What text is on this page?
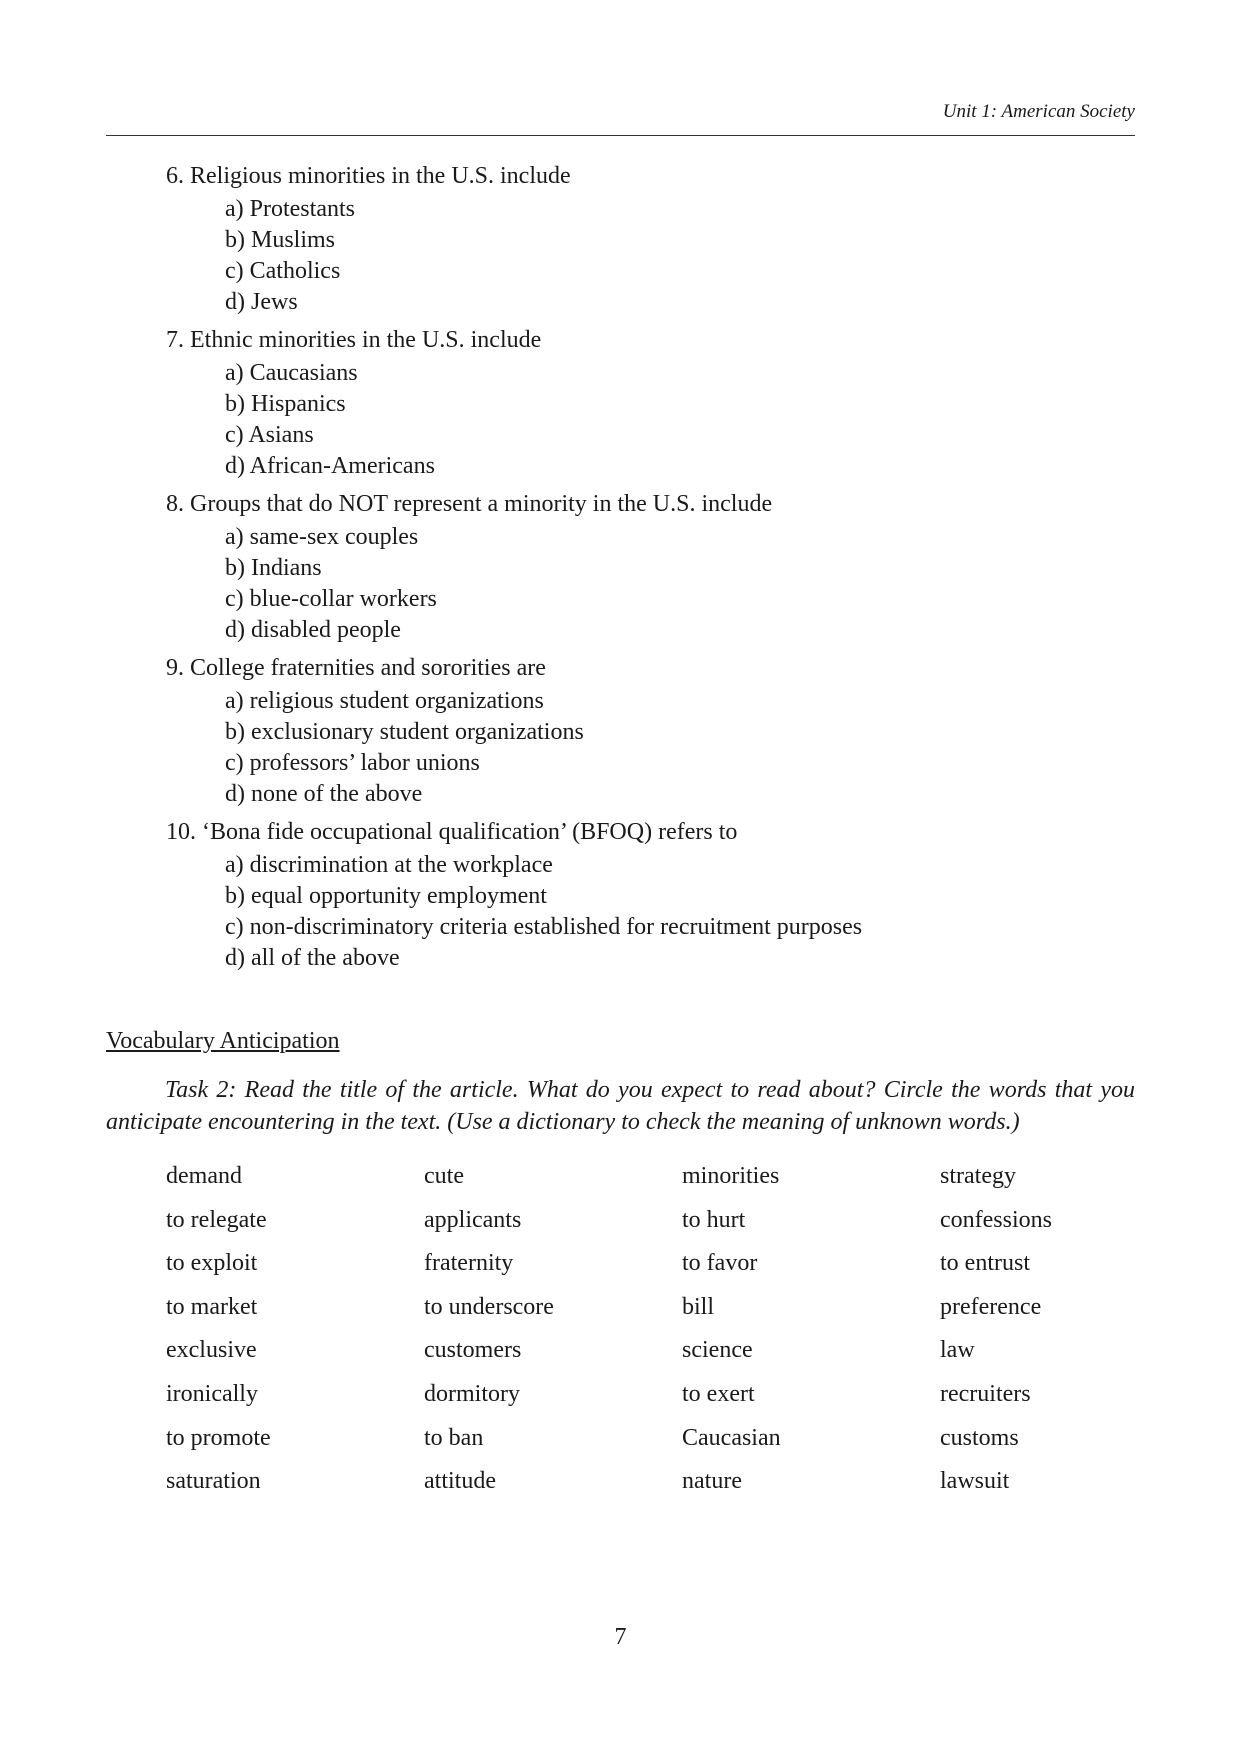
Unit 1: American Society
6. Religious minorities in the U.S. include
a) Protestants
b) Muslims
c) Catholics
d) Jews
7. Ethnic minorities in the U.S. include
a) Caucasians
b) Hispanics
c) Asians
d) African-Americans
8. Groups that do NOT represent a minority in the U.S. include
a) same-sex couples
b) Indians
c) blue-collar workers
d) disabled people
9. College fraternities and sororities are
a) religious student organizations
b) exclusionary student organizations
c) professors’ labor unions
d) none of the above
10. ‘Bona fide occupational qualification’ (BFOQ) refers to
a) discrimination at the workplace
b) equal opportunity employment
c) non-discriminatory criteria established for recruitment purposes
d) all of the above
Vocabulary Anticipation
Task 2: Read the title of the article. What do you expect to read about? Circle the words that you anticipate encountering in the text. (Use a dictionary to check the meaning of unknown words.)
demand	cute	minorities	strategy
to relegate	applicants	to hurt	confessions
to exploit	fraternity	to favor	to entrust
to market	to underscore	bill	preference
exclusive	customers	science	law
ironically	dormitory	to exert	recruiters
to promote	to ban	Caucasian	customs
saturation	attitude	nature	lawsuit
7
